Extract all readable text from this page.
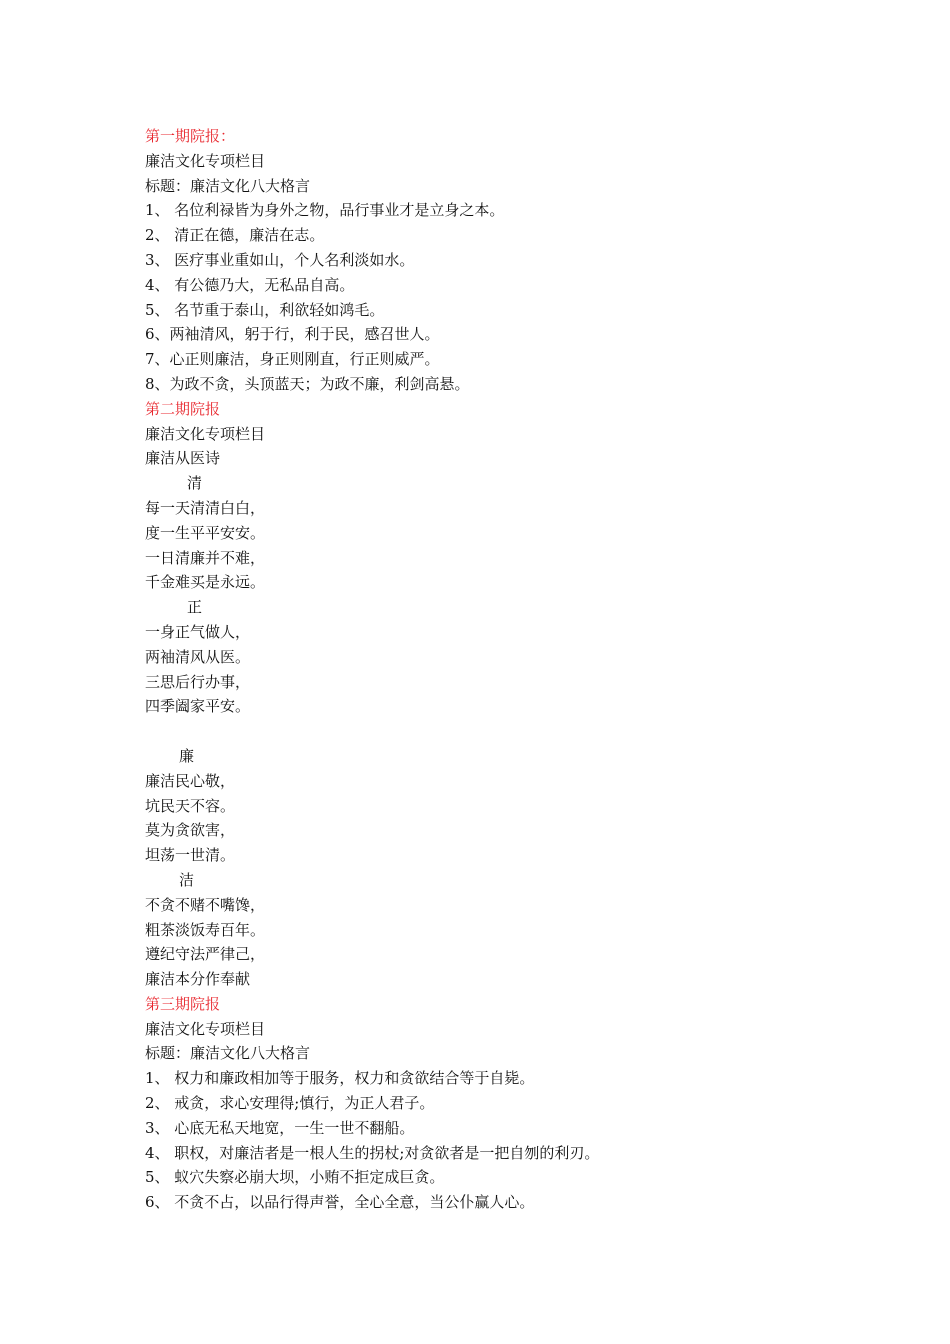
第一期院报：
廉洁文化专项栏目
标题：廉洁文化八大格言
1、 名位利禄皆为身外之物，品行事业才是立身之本。
2、 清正在德，廉洁在志。
3、 医疗事业重如山，个人名利淡如水。
4、 有公德乃大，无私品自高。
5、 名节重于泰山，利欲轻如鸿毛。
6、两袖清风，躬于行，利于民，感召世人。
7、心正则廉洁，身正则刚直，行正则威严。
8、为政不贪，头顶蓝天；为政不廉，利剑高悬。
第二期院报
廉洁文化专项栏目
廉洁从医诗
清
每一天清清白白，
度一生平平安安。
一日清廉并不难，
千金难买是永远。
正
一身正气做人，
两袖清风从医。
三思后行办事，
四季阖家平安。
廉
廉洁民心敬，
坑民天不容。
莫为贪欲害，
坦荡一世清。
洁
不贪不赌不嘴馋，
粗茶淡饭寿百年。
遵纪守法严律己，
廉洁本分作奉献
第三期院报
廉洁文化专项栏目
标题：廉洁文化八大格言
1、 权力和廉政相加等于服务，权力和贪欲结合等于自毙。
2、 戒贪，求心安理得;慎行，为正人君子。
3、 心底无私天地宽，一生一世不翻船。
4、 职权，对廉洁者是一根人生的拐杖;对贪欲者是一把自刎的利刃。
5、 蚁穴失察必崩大坝，小贿不拒定成巨贪。
6、 不贪不占，以品行得声誉，全心全意，当公仆赢人心。
